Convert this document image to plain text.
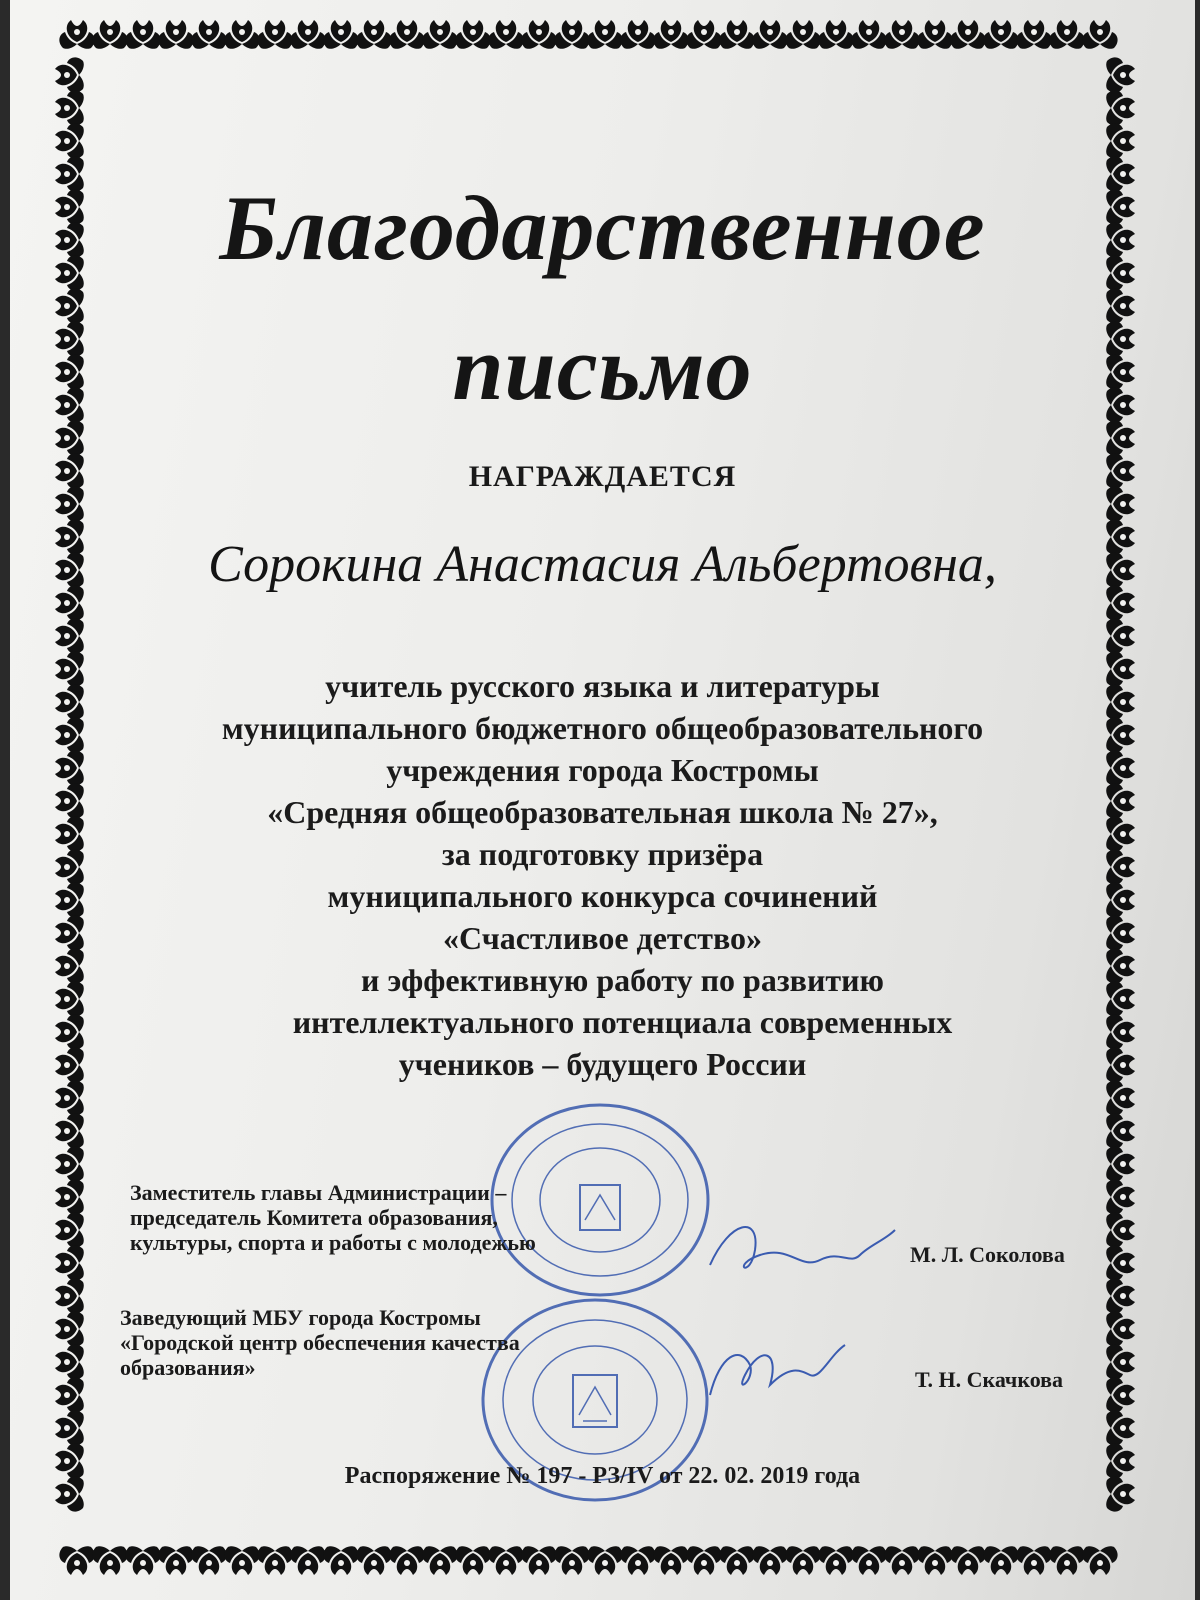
Благодарственное
письмо
НАГРАЖДАЕТСЯ
Сорокина Анастасия Альбертовна,
учитель русского языка и литературы
муниципального бюджетного общеобразовательного
учреждения города Костромы
«Средняя общеобразовательная школа № 27»,
за подготовку призёра
муниципального конкурса сочинений
«Счастливое детство»
и эффективную работу по развитию
интеллектуального потенциала современных
учеников – будущего России
Заместитель главы Администрации –
председатель Комитета образования,
культуры, спорта и работы с молодежью	М. Л. Соколова
Заведующий МБУ города Костромы
«Городской центр обеспечения качества
образования»	Т. Н. Скачкова
Распоряжение № 197 - РЗ/IV от 22. 02. 2019 года
